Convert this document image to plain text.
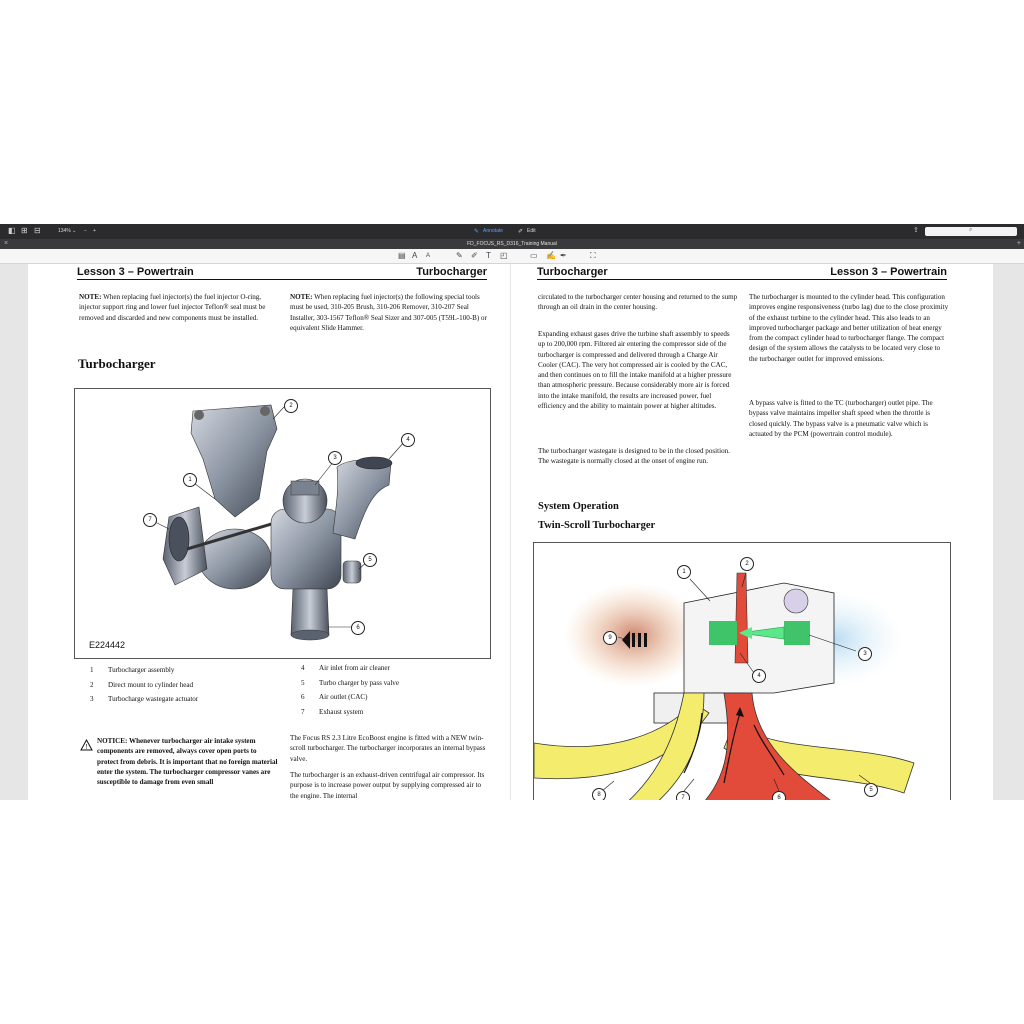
◧ ⊞ ⊟	134% ⌄ − +	✎ Annotate ✐ Edit	⇪	⌕
×	FD_FOCUS_RS_D316_Training Manual	+
▤ A A	✎ ✐ T ◰	▭ ✍ ✒	⛶
Lesson 3 – Powertrain	Turbocharger

NOTE: When replacing fuel injector(s) the fuel injector O-ring, injector support ring and lower fuel injector Teflon® seal must be removed and discarded and new components must be installed.

NOTE: When replacing fuel injector(s) the following special tools must be used, 310-205 Brush, 310-206 Remover, 310-207 Seal Installer, 303-1567 Teflon® Seal Sizer and 307-005 (T59L-100-B) or equivalent Slide Hammer.

Turbocharger
2
3
1
4
7
5
6
E224442
1	Turbocharger assembly
2	Direct mount to cylinder head
3	Turbocharge wastegate actuator
4	Air inlet from air cleaner
5	Turbo charger by pass valve
6	Air outlet (CAC)
7	Exhaust system
!

NOTICE: Whenever turbocharger air intake system components are removed, always cover open ports to protect from debris. It is important that no foreign material enter the system. The turbocharger compressor vanes are susceptible to damage from even small

The Focus RS 2.3 Litre EcoBoost engine is fitted with a NEW twin-scroll turbocharger. The turbocharger incorporates an internal bypass valve.

The turbocharger is an exhaust-driven centrifugal air compressor. Its purpose is to increase power output by supplying compressed air to the engine. The internal

Turbocharger	Lesson 3 – Powertrain

circulated to the turbocharger center housing and returned to the sump through an oil drain in the center housing.

Expanding exhaust gases drive the turbine shaft assembly to speeds up to 200,000 rpm. Filtered air entering the compressor side of the turbocharger is compressed and delivered through a Charge Air Cooler (CAC). The very hot compressed air is cooled by the CAC, and then continues on to fill the intake manifold at a higher pressure than atmospheric pressure. Because considerably more air is forced into the intake manifold, the results are increased power, fuel efficiency and the ability to maintain power at higher altitudes.

The turbocharger wastegate is designed to be in the closed position. The wastegate is normally closed at the onset of engine run.

The turbocharger is mounted to the cylinder head. This configuration improves engine responsiveness (turbo lag) due to the close proximity of the exhaust turbine to the cylinder head. This also leads to an improved turbocharger package and better utilization of heat energy from the compact cylinder head to turbocharger flange. The compact design of the system allows the catalysts to be located very close to the turbocharger outlet for improved emissions.

A bypass valve is fitted to the TC (turbocharger) outlet pipe. The bypass valve maintains impeller shaft speed when the throttle is closed quickly. The bypass valve is a pneumatic valve which is actuated by the PCM (powertrain control module).

System Operation
Twin-Scroll Turbocharger
1
2
3
4
5
6
7
8
9
